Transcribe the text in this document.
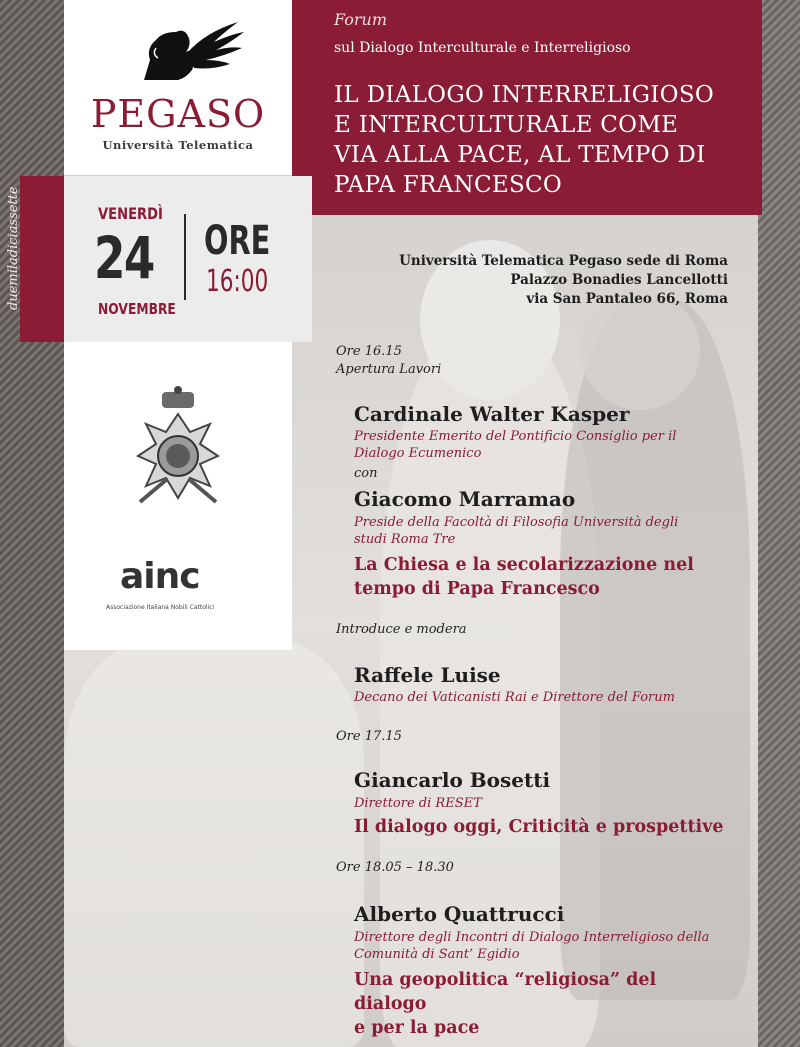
PEGASO
Università Telematica
Forum
sul Dialogo Interculturale e Interreligioso
IL DIALOGO INTERRELIGIOSO
E INTERCULTURALE COME
VIA ALLA PACE, AL TEMPO DI
PAPA FRANCESCO
duemiladiciassette	VENERDÌ
24
NOVEMBRE
ORE
16:00
Università Telematica Pegaso sede di Roma
Palazzo Bonadies Lancellotti
via San Pantaleo 66, Roma
ainc
Associazione Italiana Nobili Cattolici
Ore 16.15
Apertura Lavori
Cardinale Walter Kasper
Presidente Emerito del Pontificio Consiglio per il
Dialogo Ecumenico
con
Giacomo Marramao
Preside della Facoltà di Filosofia Università degli
studi Roma Tre
La Chiesa e la secolarizzazione nel
tempo di Papa Francesco
Introduce e modera
Raffele Luise
Decano dei Vaticanisti Rai e Direttore del Forum
Ore 17.15
Giancarlo Bosetti
Direttore di RESET
Il dialogo oggi, Criticità e prospettive
Ore 18.05 – 18.30
Alberto Quattrucci
Direttore degli Incontri di Dialogo Interreligioso della
Comunità di Sant’ Egidio
Una geopolitica “religiosa” del dialogo
e per la pace
